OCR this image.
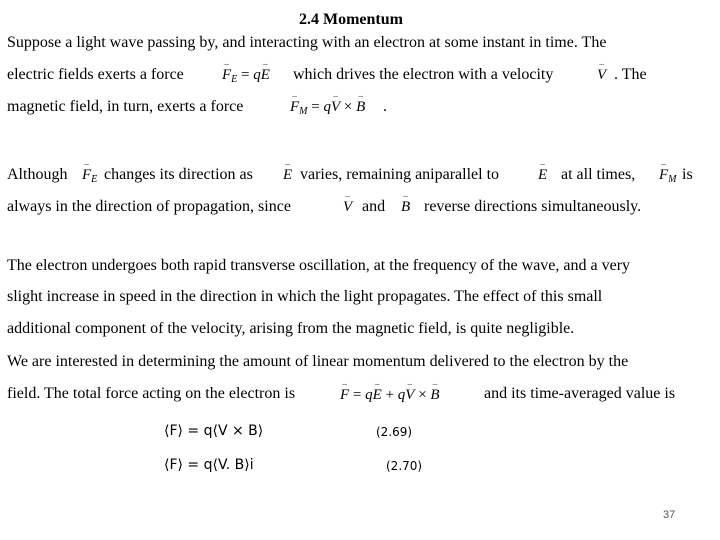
2.4 Momentum
Suppose a light wave passing by, and interacting with an electron at some instant in time. The
electric fields exerts a force	⌣ $F_E$ = q⌣ E which drives the electron with a velocity	⌣ V . The
magnetic field, in turn, exerts a force	⌣ $F_M$ = q⌣ V × ⌣ B .
Although ⌣ $F_E$ changes its direction as ⌣ E varies, remaining aniparallel to	⌣ E at all times, ⌣ $F_M$ is
always in the direction of propagation, since	⌣ V and ⌣ B reverse directions simultaneously.
The electron undergoes both rapid transverse oscillation, at the frequency of the wave, and a very
slight increase in speed in the direction in which the light propagates. The effect of this small
additional component of the velocity, arising from the magnetic field, is quite negligible.
We are interested in determining the amount of linear momentum delivered to the electron by the
field. The total force acting on the electron is	⌣ F = q⌣ E + q⌣ V × ⌣ B	and its time-averaged value is
⟨F⟩ = q⟨V × B⟩	(2.69)
⟨F⟩ = q⟨V. B⟩i	(2.70)
37
